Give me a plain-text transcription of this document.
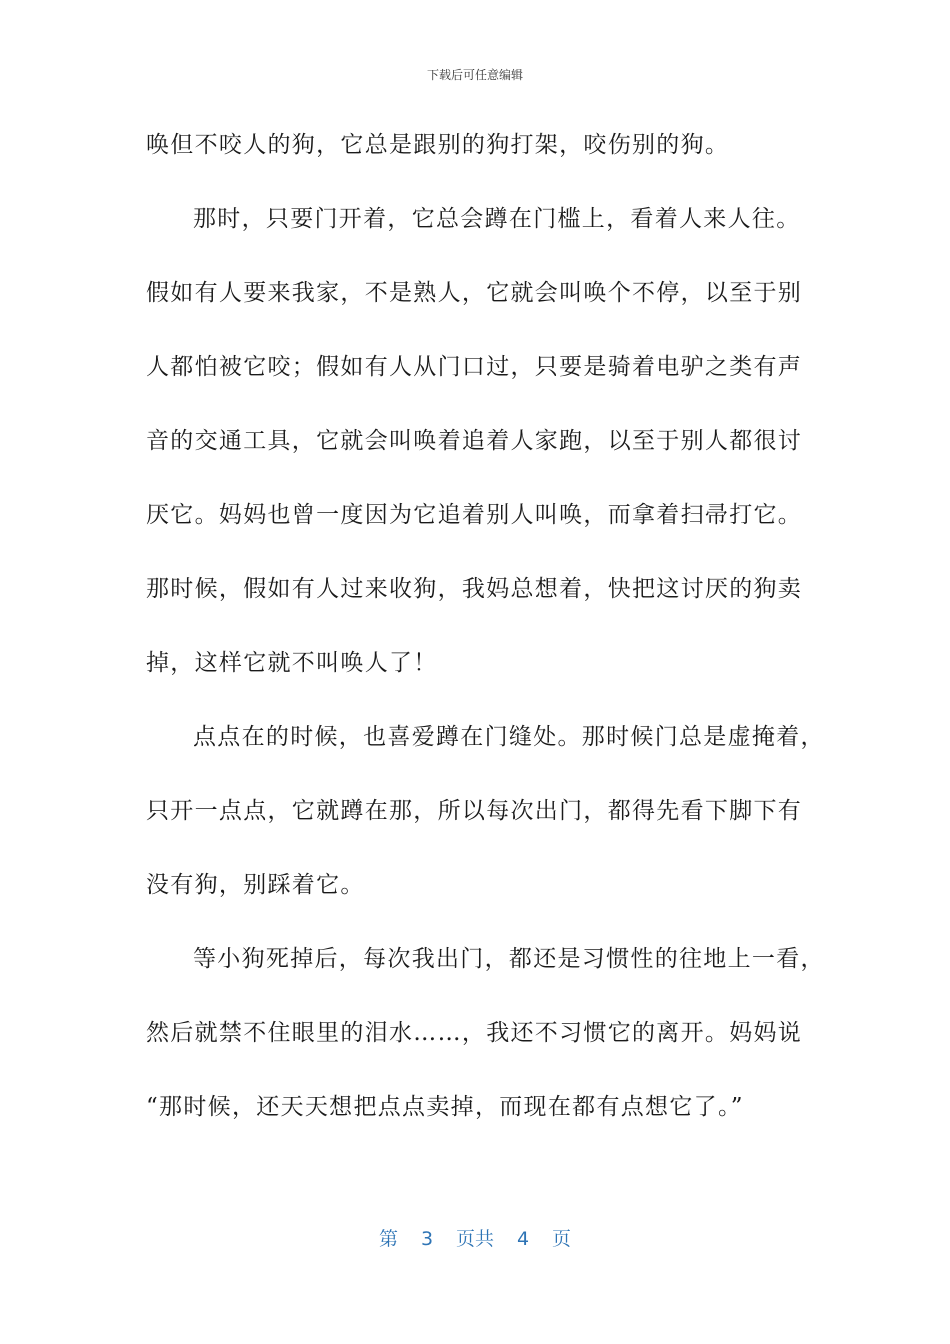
下载后可任意编辑
唤但不咬人的狗，它总是跟别的狗打架，咬伤别的狗。
那时，只要门开着，它总会蹲在门槛上，看着人来人往。
假如有人要来我家，不是熟人，它就会叫唤个不停，以至于别
人都怕被它咬；假如有人从门口过，只要是骑着电驴之类有声
音的交通工具，它就会叫唤着追着人家跑，以至于别人都很讨
厌它。妈妈也曾一度因为它追着别人叫唤，而拿着扫帚打它。
那时候，假如有人过来收狗，我妈总想着，快把这讨厌的狗卖
掉，这样它就不叫唤人了！
点点在的时候，也喜爱蹲在门缝处。那时候门总是虚掩着，
只开一点点，它就蹲在那，所以每次出门，都得先看下脚下有
没有狗，别踩着它。
等小狗死掉后，每次我出门，都还是习惯性的往地上一看，
然后就禁不住眼里的泪水……，我还不习惯它的离开。妈妈说
“那时候，还天天想把点点卖掉，而现在都有点想它了。”
第 3 页共 4 页
